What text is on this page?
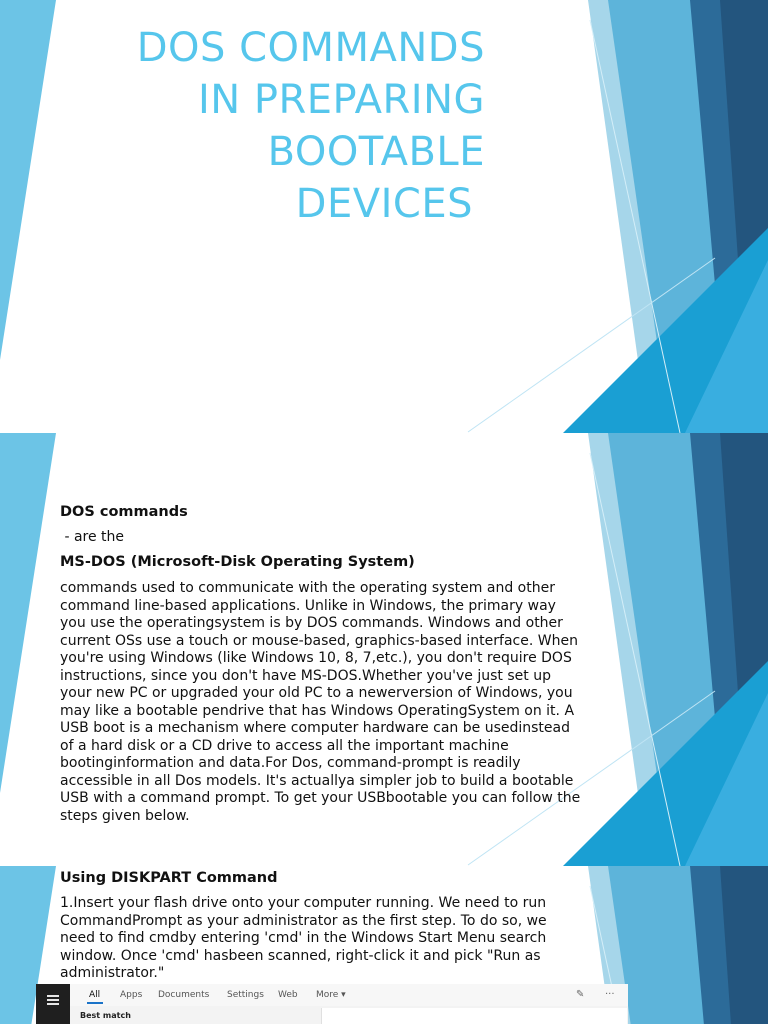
DOS COMMANDS
IN PREPARING
BOOTABLE
DEVICES
DOS commands
- are the
MS-DOS (Microsoft-Disk Operating System)
commands used to communicate with the operating system and other command line-based applications. Unlike in Windows, the primary way you use the operatingsystem is by DOS commands. Windows and other current OSs use a touch or mouse-based, graphics-based interface. When you're using Windows (like Windows 10, 8, 7,etc.), you don't require DOS instructions, since you don't have MS-DOS.Whether you've just set up your new PC or upgraded your old PC to a newerversion of Windows, you may like a bootable pendrive that has Windows OperatingSystem on it. A USB boot is a mechanism where computer hardware can be usedinstead of a hard disk or a CD drive to access all the important machine bootinginformation and data.For Dos, command-prompt is readily accessible in all Dos models. It's actuallya simpler job to build a bootable USB with a command prompt. To get your USBbootable you can follow the steps given below.
Using DISKPART Command
1.Insert your flash drive onto your computer running. We need to run CommandPrompt as your administrator as the first step. To do so, we need to find cmdby entering 'cmd' in the Windows Start Menu search window. Once 'cmd' hasbeen scanned, right-click it and pick "Run as administrator."
All Apps Documents Settings Web More ▾	✎ ···
Best match
